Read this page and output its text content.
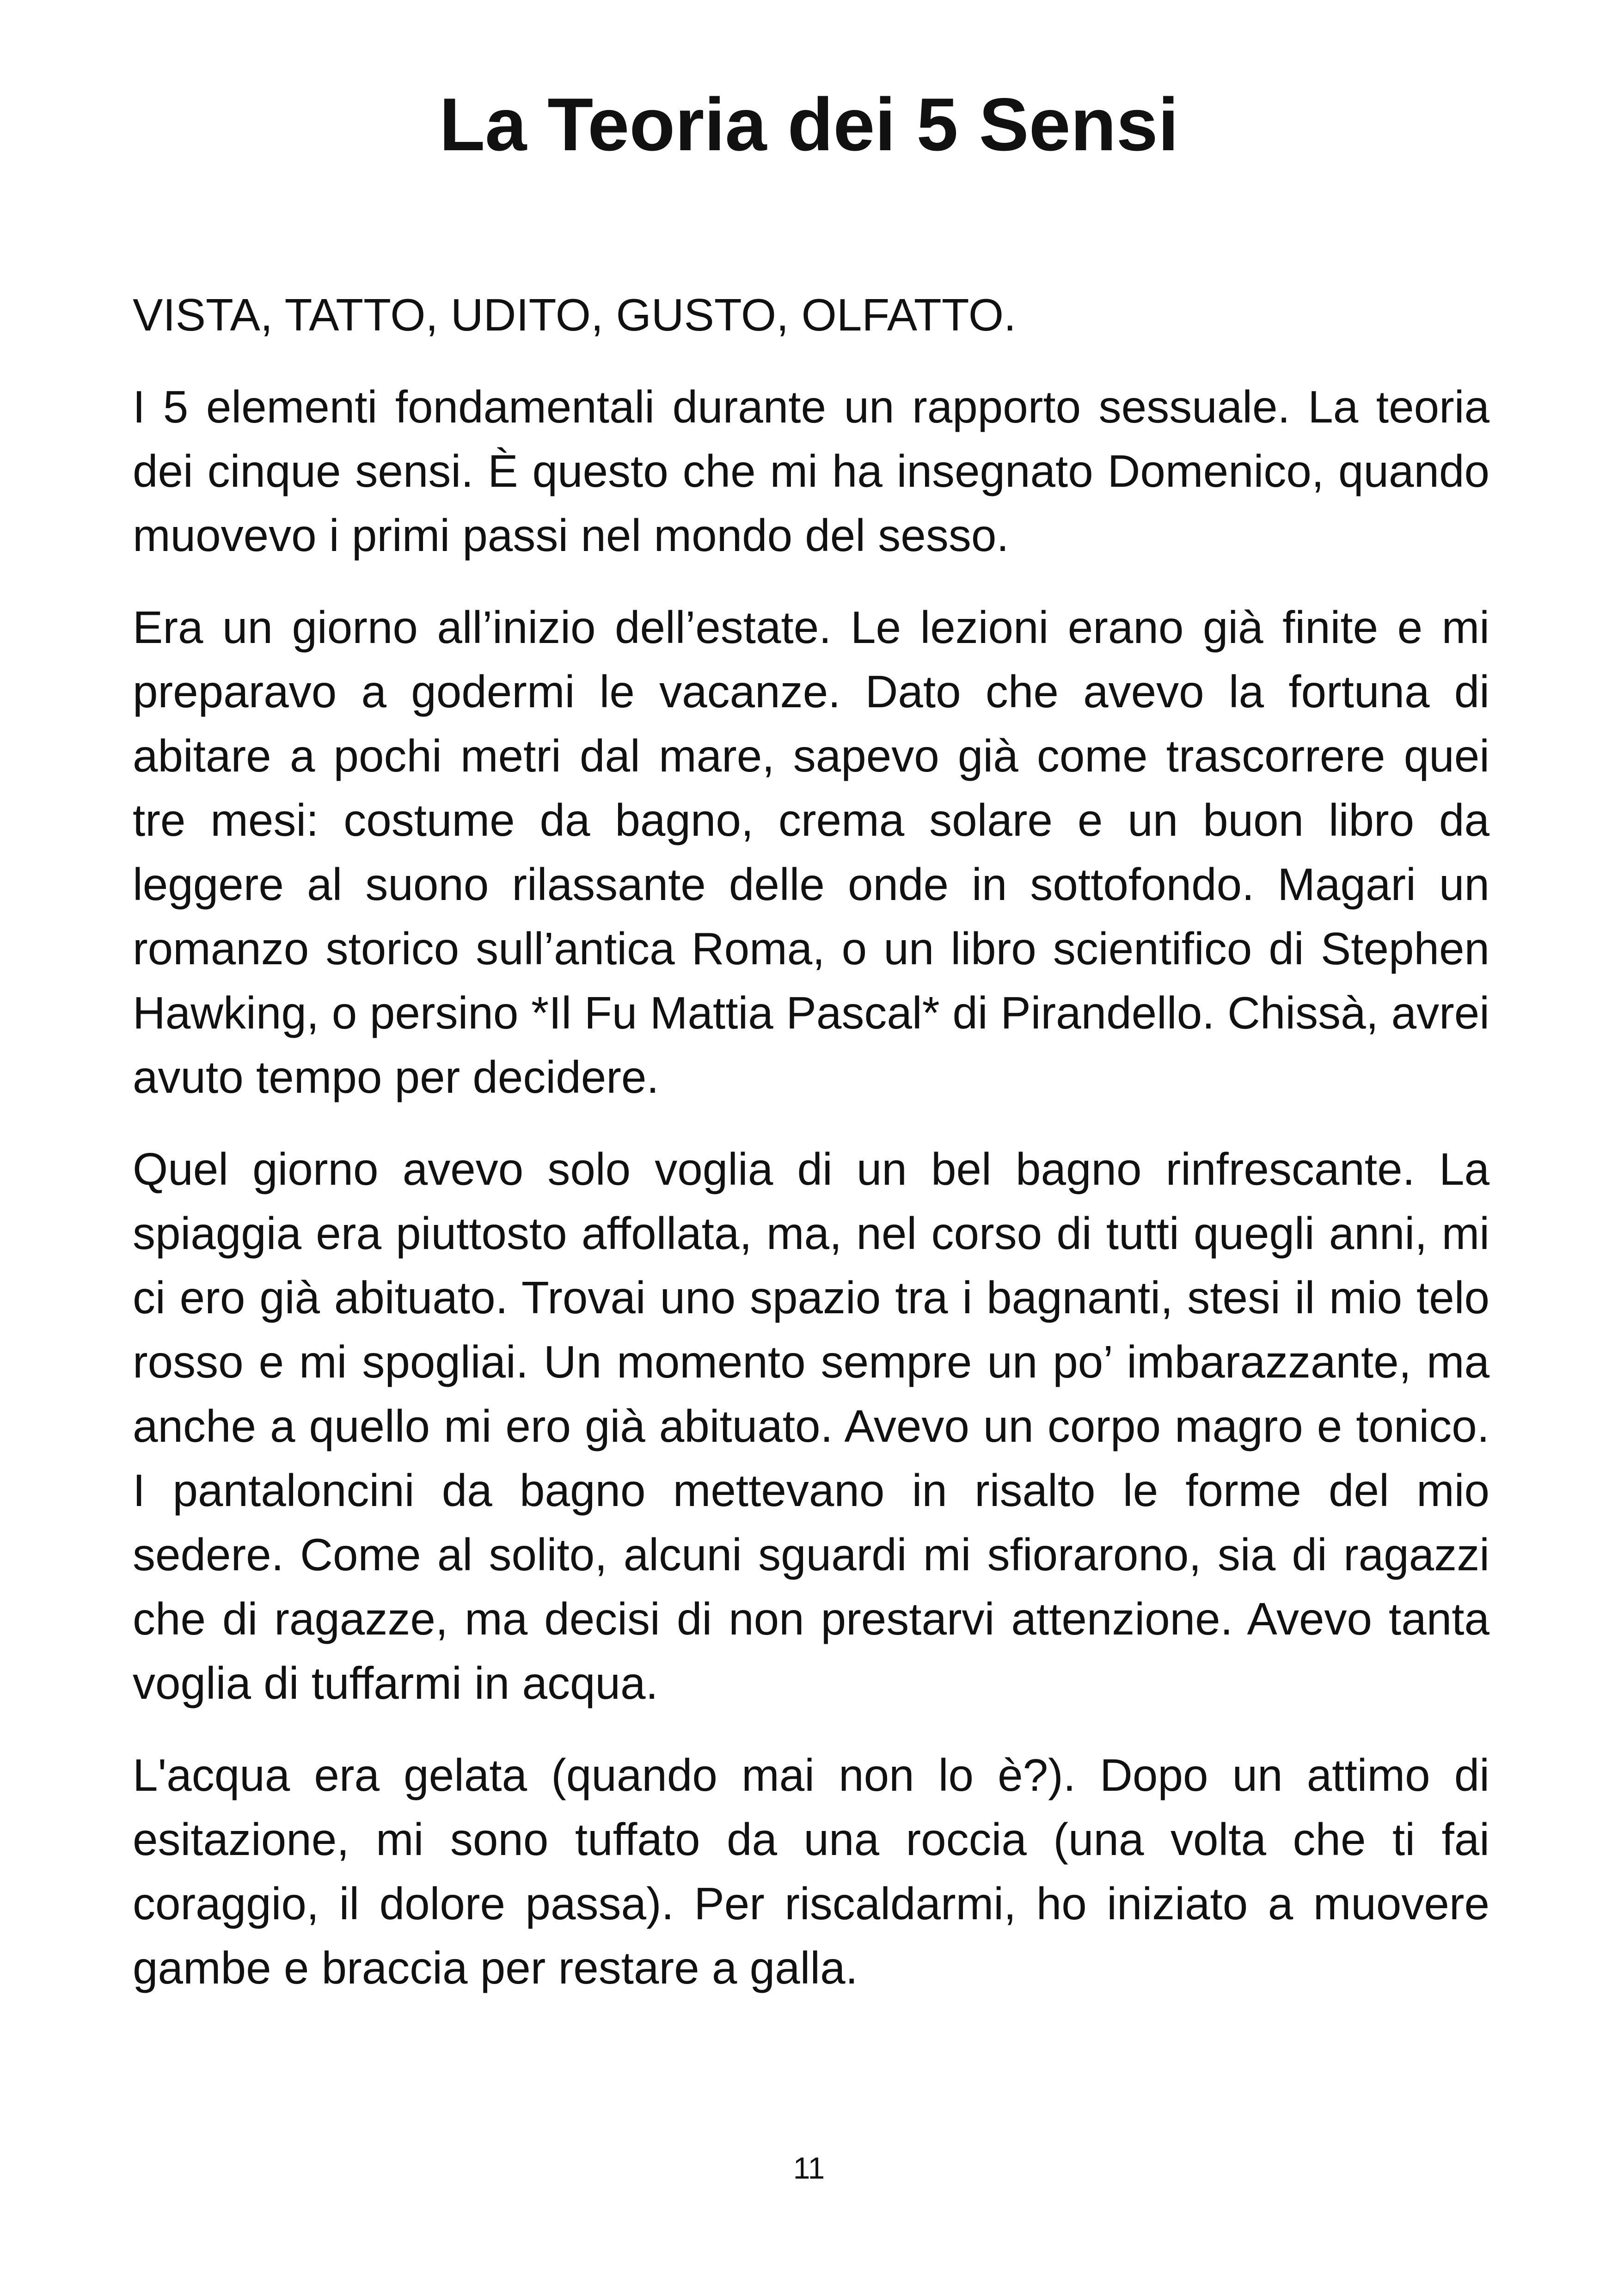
La Teoria dei 5 Sensi

VISTA, TATTO, UDITO, GUSTO, OLFATTO.

I 5 elementi fondamentali durante un rapporto sessuale. La teoria dei cinque sensi. È questo che mi ha insegnato Domenico, quando muovevo i primi passi nel mondo del sesso.

Era un giorno all’inizio dell’estate. Le lezioni erano già finite e mi preparavo a godermi le vacanze. Dato che avevo la fortuna di abitare a pochi metri dal mare, sapevo già come trascorrere quei tre mesi: costume da bagno, crema solare e un buon libro da leggere al suono rilassante delle onde in sottofondo. Magari un romanzo storico sull’antica Roma, o un libro scientifico di Stephen Hawking, o persino *Il Fu Mattia Pascal* di Pirandello. Chissà, avrei avuto tempo per decidere.

Quel giorno avevo solo voglia di un bel bagno rinfrescante. La spiaggia era piuttosto affollata, ma, nel corso di tutti quegli anni, mi ci ero già abituato. Trovai uno spazio tra i bagnanti, stesi il mio telo rosso e mi spogliai. Un momento sempre un po’ imbarazzante, ma anche a quello mi ero già abituato. Avevo un corpo magro e tonico. I pantaloncini da bagno mettevano in risalto le forme del mio sedere. Come al solito, alcuni sguardi mi sfiorarono, sia di ragazzi che di ragazze, ma decisi di non prestarvi attenzione. Avevo tanta voglia di tuffarmi in acqua.

L'acqua era gelata (quando mai non lo è?). Dopo un attimo di esitazione, mi sono tuffato da una roccia (una volta che ti fai coraggio, il dolore passa). Per riscaldarmi, ho iniziato a muovere gambe e braccia per restare a galla.

11
